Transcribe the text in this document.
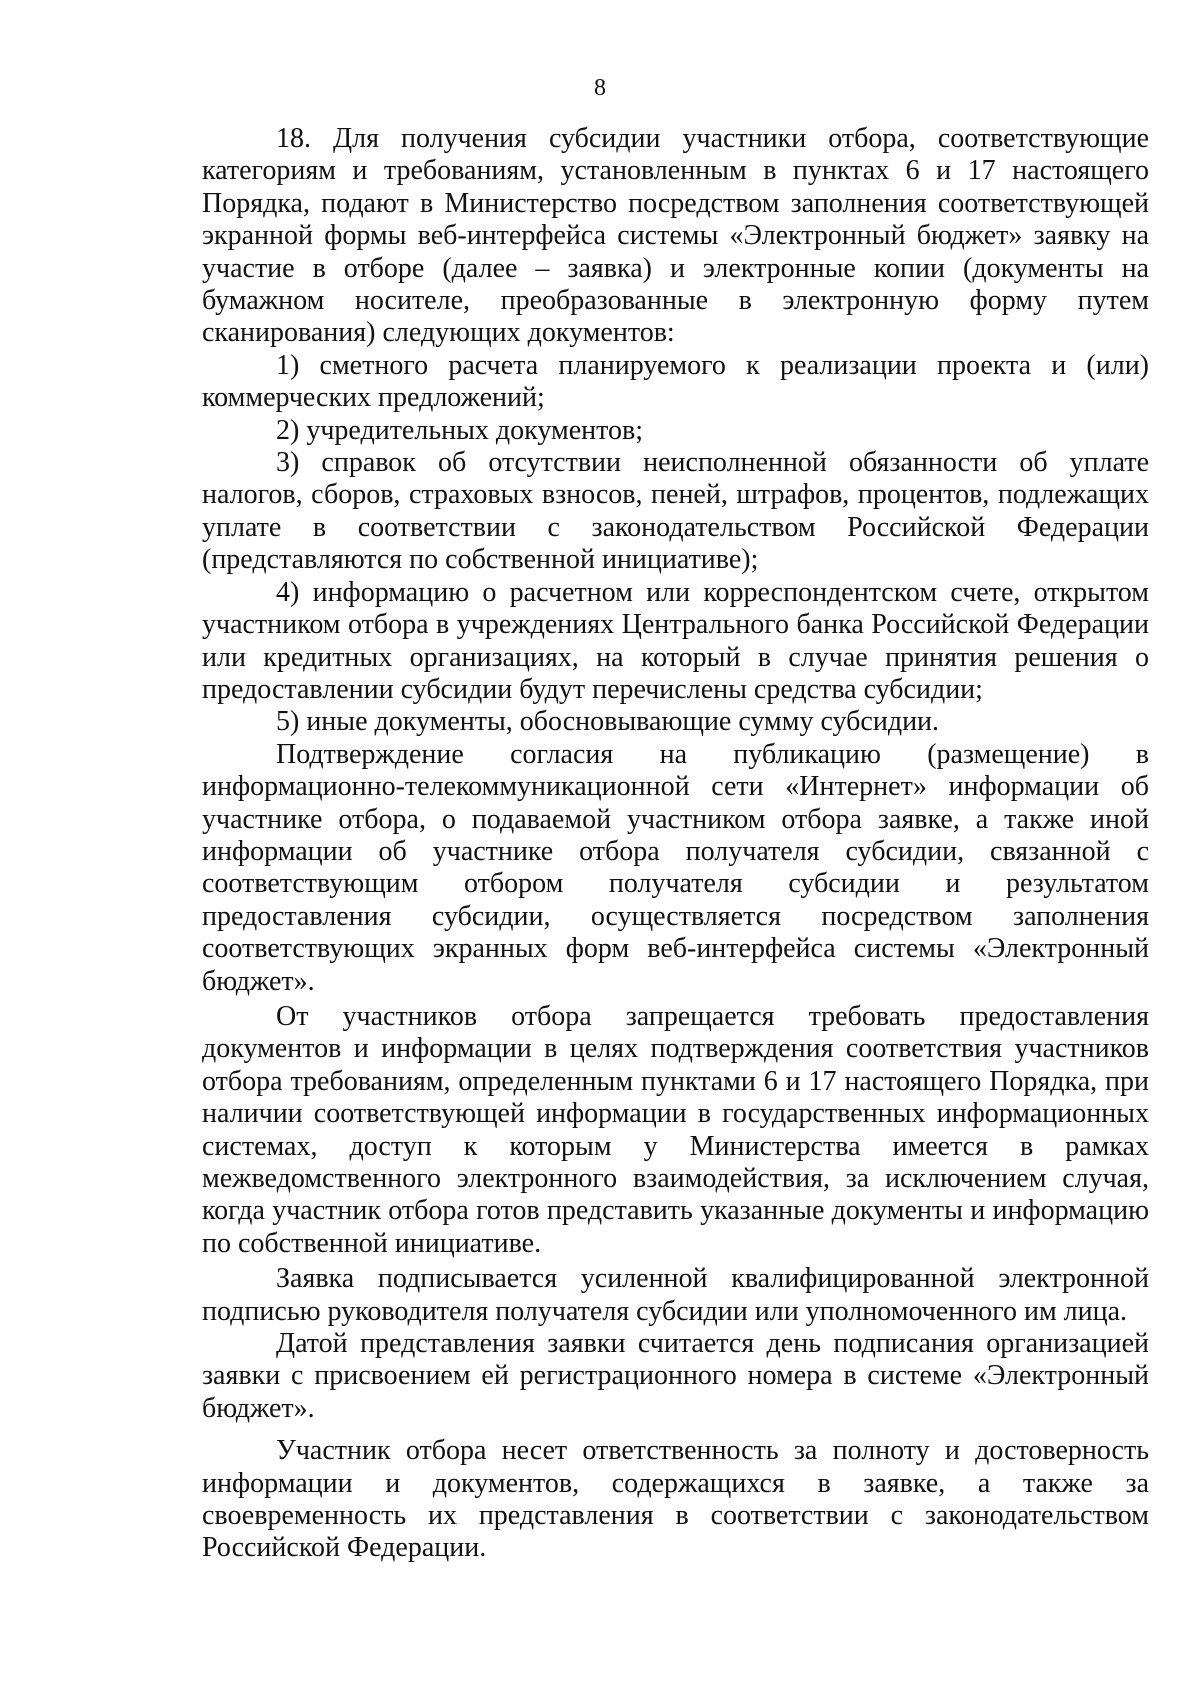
8

18. Для получения субсидии участники отбора, соответствующие категориям и требованиям, установленным в пунктах 6 и 17 настоящего Порядка, подают в Министерство посредством заполнения соответствующей экранной формы веб-интерфейса системы «Электронный бюджет» заявку на участие в отборе (далее – заявка) и электронные копии (документы на бумажном носителе, преобразованные в электронную форму путем сканирования) следующих документов:

1) сметного расчета планируемого к реализации проекта и (или) коммерческих предложений;

2) учредительных документов;

3) справок об отсутствии неисполненной обязанности об уплате налогов, сборов, страховых взносов, пеней, штрафов, процентов, подлежащих уплате в соответствии с законодательством Российской Федерации (представляются по собственной инициативе);

4) информацию о расчетном или корреспондентском счете, открытом участником отбора в учреждениях Центрального банка Российской Федерации или кредитных организациях, на который в случае принятия решения о предоставлении субсидии будут перечислены средства субсидии;

5) иные документы, обосновывающие сумму субсидии.

Подтверждение согласия на публикацию (размещение) в информационно-телекоммуникационной сети «Интернет» информации об участнике отбора, о подаваемой участником отбора заявке, а также иной информации об участнике отбора получателя субсидии, связанной с соответствующим отбором получателя субсидии и результатом предоставления субсидии, осуществляется посредством заполнения соответствующих экранных форм веб-интерфейса системы «Электронный бюджет».

От участников отбора запрещается требовать предоставления документов и информации в целях подтверждения соответствия участников отбора требованиям, определенным пунктами 6 и 17 настоящего Порядка, при наличии соответствующей информации в государственных информационных системах, доступ к которым у Министерства имеется в рамках межведомственного электронного взаимодействия, за исключением случая, когда участник отбора готов представить указанные документы и информацию по собственной инициативе.

Заявка подписывается усиленной квалифицированной электронной подписью руководителя получателя субсидии или уполномоченного им лица.

Датой представления заявки считается день подписания организацией заявки с присвоением ей регистрационного номера в системе «Электронный бюджет».

Участник отбора несет ответственность за полноту и достоверность информации и документов, содержащихся в заявке, а также за своевременность их представления в соответствии с законодательством Российской Федерации.
